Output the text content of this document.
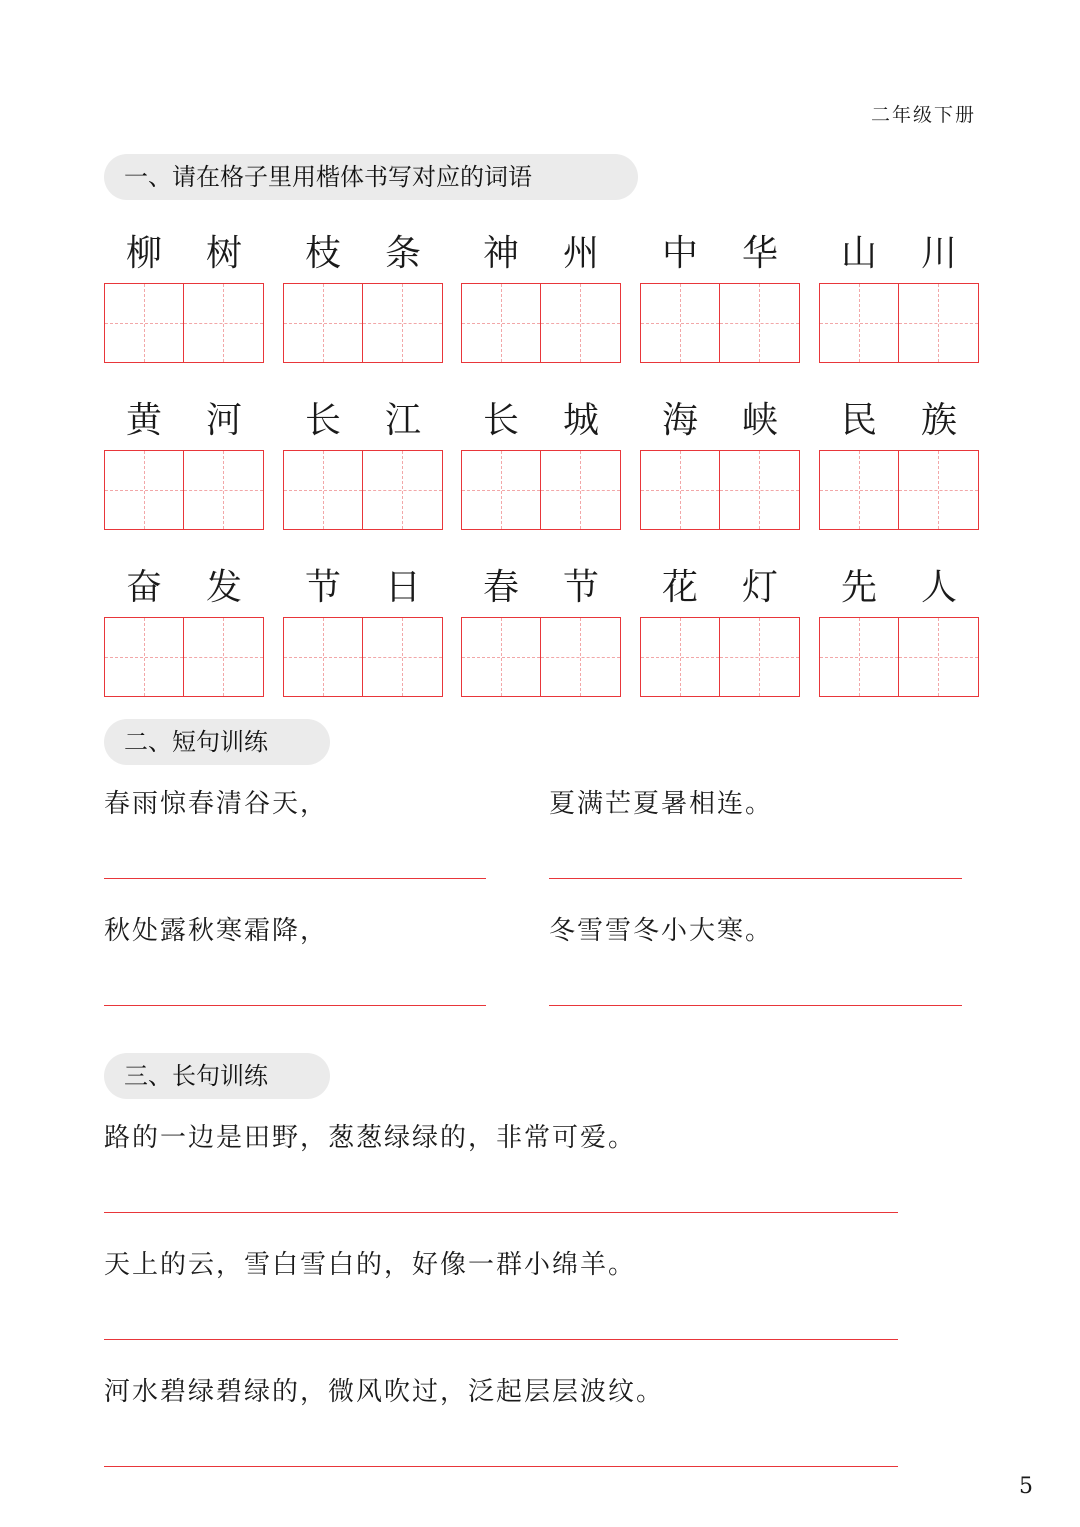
二年级下册
一、请在格子里用楷体书写对应的词语
柳	树	枝	条	神	州	中	华	山	川
黄	河	长	江	长	城	海	峡	民	族
奋	发	节	日	春	节	花	灯	先	人
二、短句训练
春雨惊春清谷天，	夏满芒夏暑相连。
秋处露秋寒霜降，	冬雪雪冬小大寒。
三、长句训练
路的一边是田野，葱葱绿绿的，非常可爱。
天上的云，雪白雪白的，好像一群小绵羊。
河水碧绿碧绿的，微风吹过，泛起层层波纹。
5
